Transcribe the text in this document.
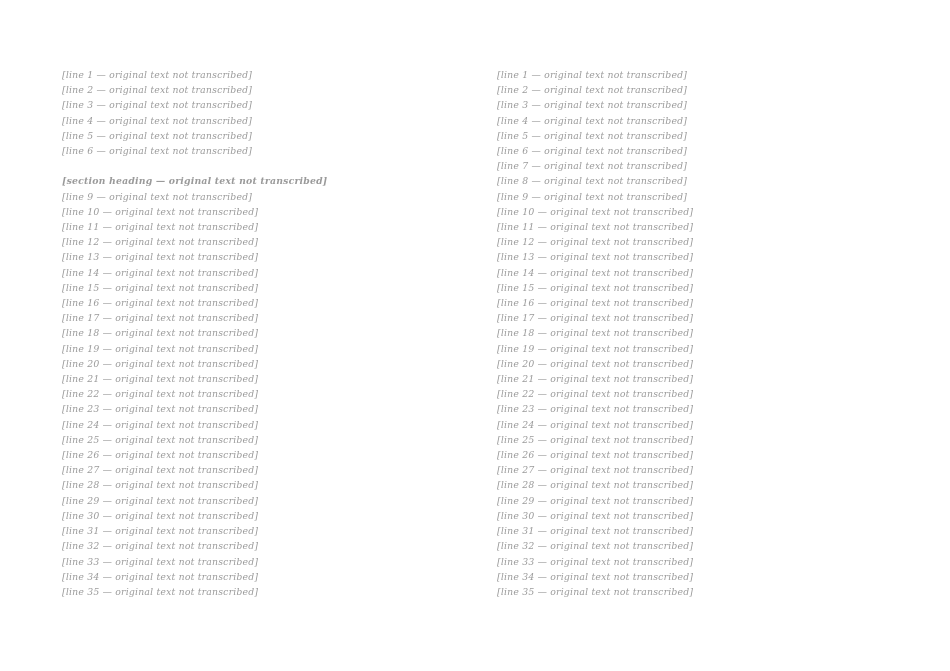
[line 1 — original text not transcribed]
[line 2 — original text not transcribed]
[line 3 — original text not transcribed]
[line 4 — original text not transcribed]
[line 5 — original text not transcribed]
[line 6 — original text not transcribed]

[section heading — original text not transcribed]
[line 9 — original text not transcribed]
[line 10 — original text not transcribed]
[line 11 — original text not transcribed]
[line 12 — original text not transcribed]
[line 13 — original text not transcribed]
[line 14 — original text not transcribed]
[line 15 — original text not transcribed]
[line 16 — original text not transcribed]
[line 17 — original text not transcribed]
[line 18 — original text not transcribed]
[line 19 — original text not transcribed]
[line 20 — original text not transcribed]
[line 21 — original text not transcribed]
[line 22 — original text not transcribed]
[line 23 — original text not transcribed]
[line 24 — original text not transcribed]
[line 25 — original text not transcribed]
[line 26 — original text not transcribed]
[line 27 — original text not transcribed]
[line 28 — original text not transcribed]
[line 29 — original text not transcribed]
[line 30 — original text not transcribed]
[line 31 — original text not transcribed]
[line 32 — original text not transcribed]
[line 33 — original text not transcribed]
[line 34 — original text not transcribed]
[line 35 — original text not transcribed]
[line 1 — original text not transcribed]
[line 2 — original text not transcribed]
[line 3 — original text not transcribed]
[line 4 — original text not transcribed]
[line 5 — original text not transcribed]
[line 6 — original text not transcribed]
[line 7 — original text not transcribed]
[line 8 — original text not transcribed]
[line 9 — original text not transcribed]
[line 10 — original text not transcribed]
[line 11 — original text not transcribed]
[line 12 — original text not transcribed]
[line 13 — original text not transcribed]
[line 14 — original text not transcribed]
[line 15 — original text not transcribed]
[line 16 — original text not transcribed]
[line 17 — original text not transcribed]
[line 18 — original text not transcribed]
[line 19 — original text not transcribed]
[line 20 — original text not transcribed]
[line 21 — original text not transcribed]
[line 22 — original text not transcribed]
[line 23 — original text not transcribed]
[line 24 — original text not transcribed]
[line 25 — original text not transcribed]
[line 26 — original text not transcribed]
[line 27 — original text not transcribed]
[line 28 — original text not transcribed]
[line 29 — original text not transcribed]
[line 30 — original text not transcribed]
[line 31 — original text not transcribed]
[line 32 — original text not transcribed]
[line 33 — original text not transcribed]
[line 34 — original text not transcribed]
[line 35 — original text not transcribed]
